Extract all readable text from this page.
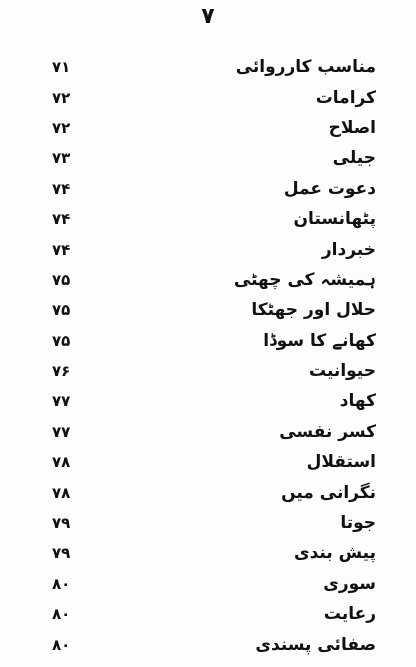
۷
۷۱	مناسب کارروائی
۷۲	کرامات
۷۲	اصلاح
۷۳	جیلی
۷۴	دعوت عمل
۷۴	پٹھانستان
۷۴	خبردار
۷۵	ہمیشہ کی چھٹی
۷۵	حلال اور جھٹکا
۷۵	کھانے کا سوڈا
۷۶	حیوانیت
۷۷	کھاد
۷۷	کسر نفسی
۷۸	استقلال
۷۸	نگرانی میں
۷۹	جوتا
۷۹	پیش بندی
۸۰	سوری
۸۰	رعایت
۸۰	صفائی پسندی
